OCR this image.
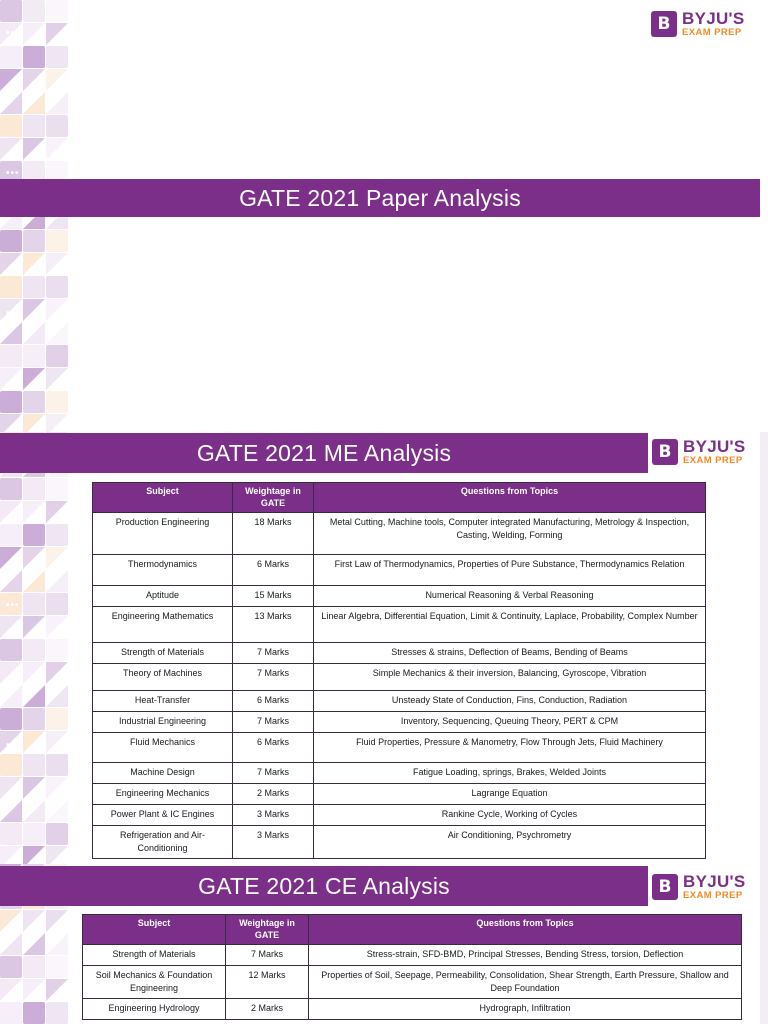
•••
•••
•••
B BYJU'S
EXAM PREP
GATE 2021 Paper Analysis
•••
•••
GATE 2021 ME Analysis	B BYJU'S
EXAM PREP
Subject	Weightage in GATE	Questions from Topics
Production Engineering	18 Marks	Metal Cutting, Machine tools, Computer integrated Manufacturing, Metrology & Inspection, Casting, Welding, Forming
Thermodynamics	6 Marks	First Law of Thermodynamics, Properties of Pure Substance, Thermodynamics Relation
Aptitude	15 Marks	Numerical Reasoning & Verbal Reasoning
Engineering Mathematics	13 Marks	Linear Algebra, Differential Equation, Limit & Continuity, Laplace, Probability, Complex Number
Strength of Materials	7 Marks	Stresses & strains, Deflection of Beams, Bending of Beams
Theory of Machines	7 Marks	Simple Mechanics & their inversion, Balancing, Gyroscope, Vibration
Heat-Transfer	6 Marks	Unsteady State of Conduction, Fins, Conduction, Radiation
Industrial Engineering	7 Marks	Inventory, Sequencing, Queuing Theory, PERT & CPM
Fluid Mechanics	6 Marks	Fluid Properties, Pressure & Manometry, Flow Through Jets, Fluid Machinery
Machine Design	7 Marks	Fatigue Loading, springs, Brakes, Welded Joints
Engineering Mechanics	2 Marks	Lagrange Equation
Power Plant & IC Engines	3 Marks	Rankine Cycle, Working of Cycles
Refrigeration and Air-Conditioning	3 Marks	Air Conditioning, Psychrometry
GATE 2021 CE Analysis	B BYJU'S
EXAM PREP
Subject	Weightage in GATE	Questions from Topics
Strength of Materials	7 Marks	Stress-strain, SFD-BMD, Principal Stresses, Bending Stress, torsion, Deflection
Soil Mechanics & Foundation Engineering	12 Marks	Properties of Soil, Seepage, Permeability, Consolidation, Shear Strength, Earth Pressure, Shallow and Deep Foundation
Engineering Hydrology	2 Marks	Hydrograph, Infiltration
